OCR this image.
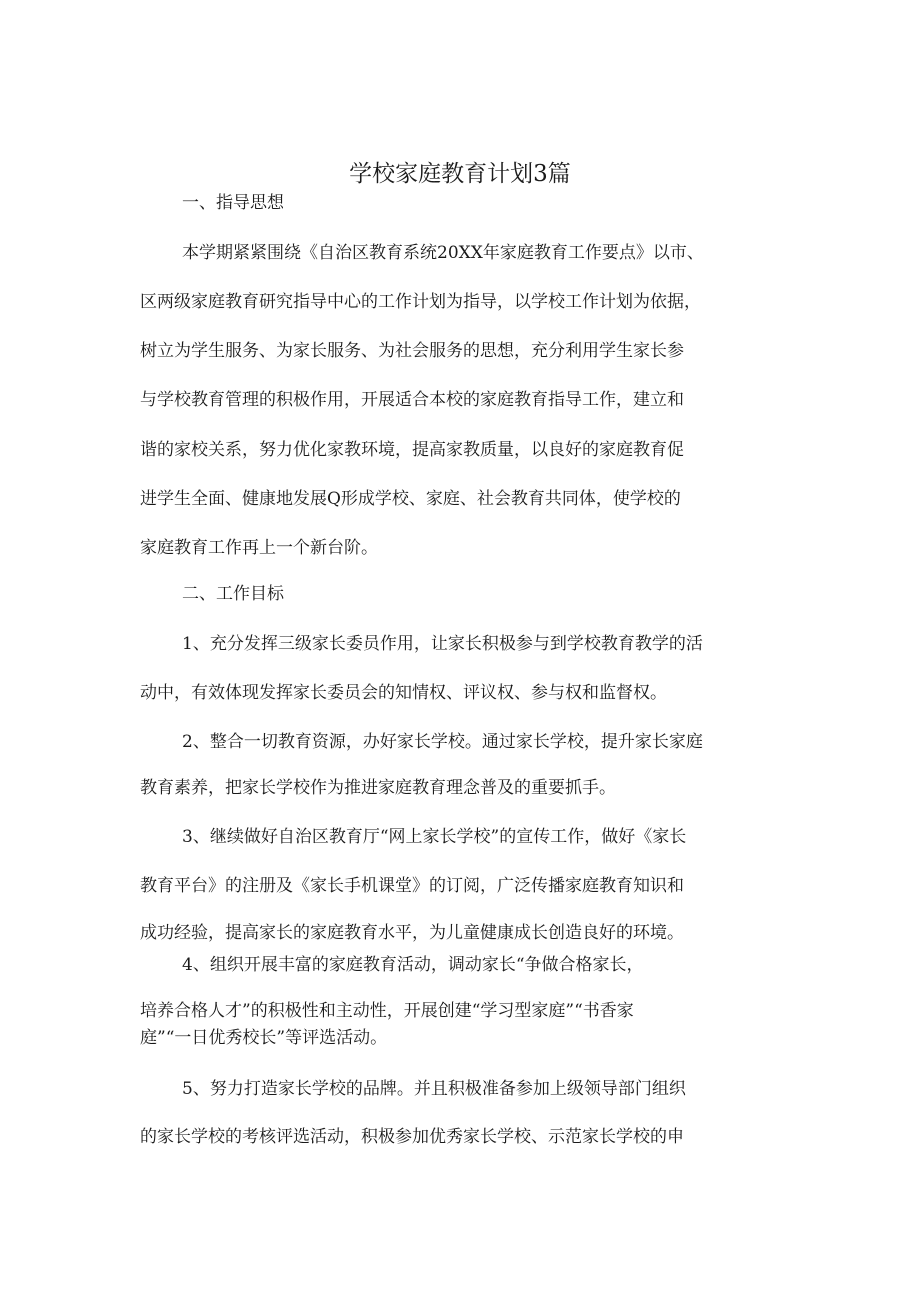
学校家庭教育计划3篇

一、指导思想

本学期紧紧围绕《自治区教育系统20XX年家庭教育工作要点》以市、

区两级家庭教育研究指导中心的工作计划为指导，以学校工作计划为依据，

树立为学生服务、为家长服务、为社会服务的思想，充分利用学生家长参

与学校教育管理的积极作用，开展适合本校的家庭教育指导工作，建立和

谐的家校关系，努力优化家教环境，提高家教质量，以良好的家庭教育促

进学生全面、健康地发展Q形成学校、家庭、社会教育共同体，使学校的

家庭教育工作再上一个新台阶。

二、工作目标

1、充分发挥三级家长委员作用，让家长积极参与到学校教育教学的活

动中，有效体现发挥家长委员会的知情权、评议权、参与权和监督权。

2、整合一切教育资源，办好家长学校。通过家长学校，提升家长家庭

教育素养，把家长学校作为推进家庭教育理念普及的重要抓手。

3、继续做好自治区教育厅“网上家长学校”的宣传工作，做好《家长

教育平台》的注册及《家长手机课堂》的订阅，广泛传播家庭教育知识和

成功经验，提高家长的家庭教育水平，为儿童健康成长创造良好的环境。

4、组织开展丰富的家庭教育活动，调动家长“争做合格家长，

培养合格人才”的积极性和主动性，开展创建“学习型家庭”“书香家

庭”“一日优秀校长”等评选活动。

5、努力打造家长学校的品牌。并且积极准备参加上级领导部门组织

的家长学校的考核评选活动，积极参加优秀家长学校、示范家长学校的申
